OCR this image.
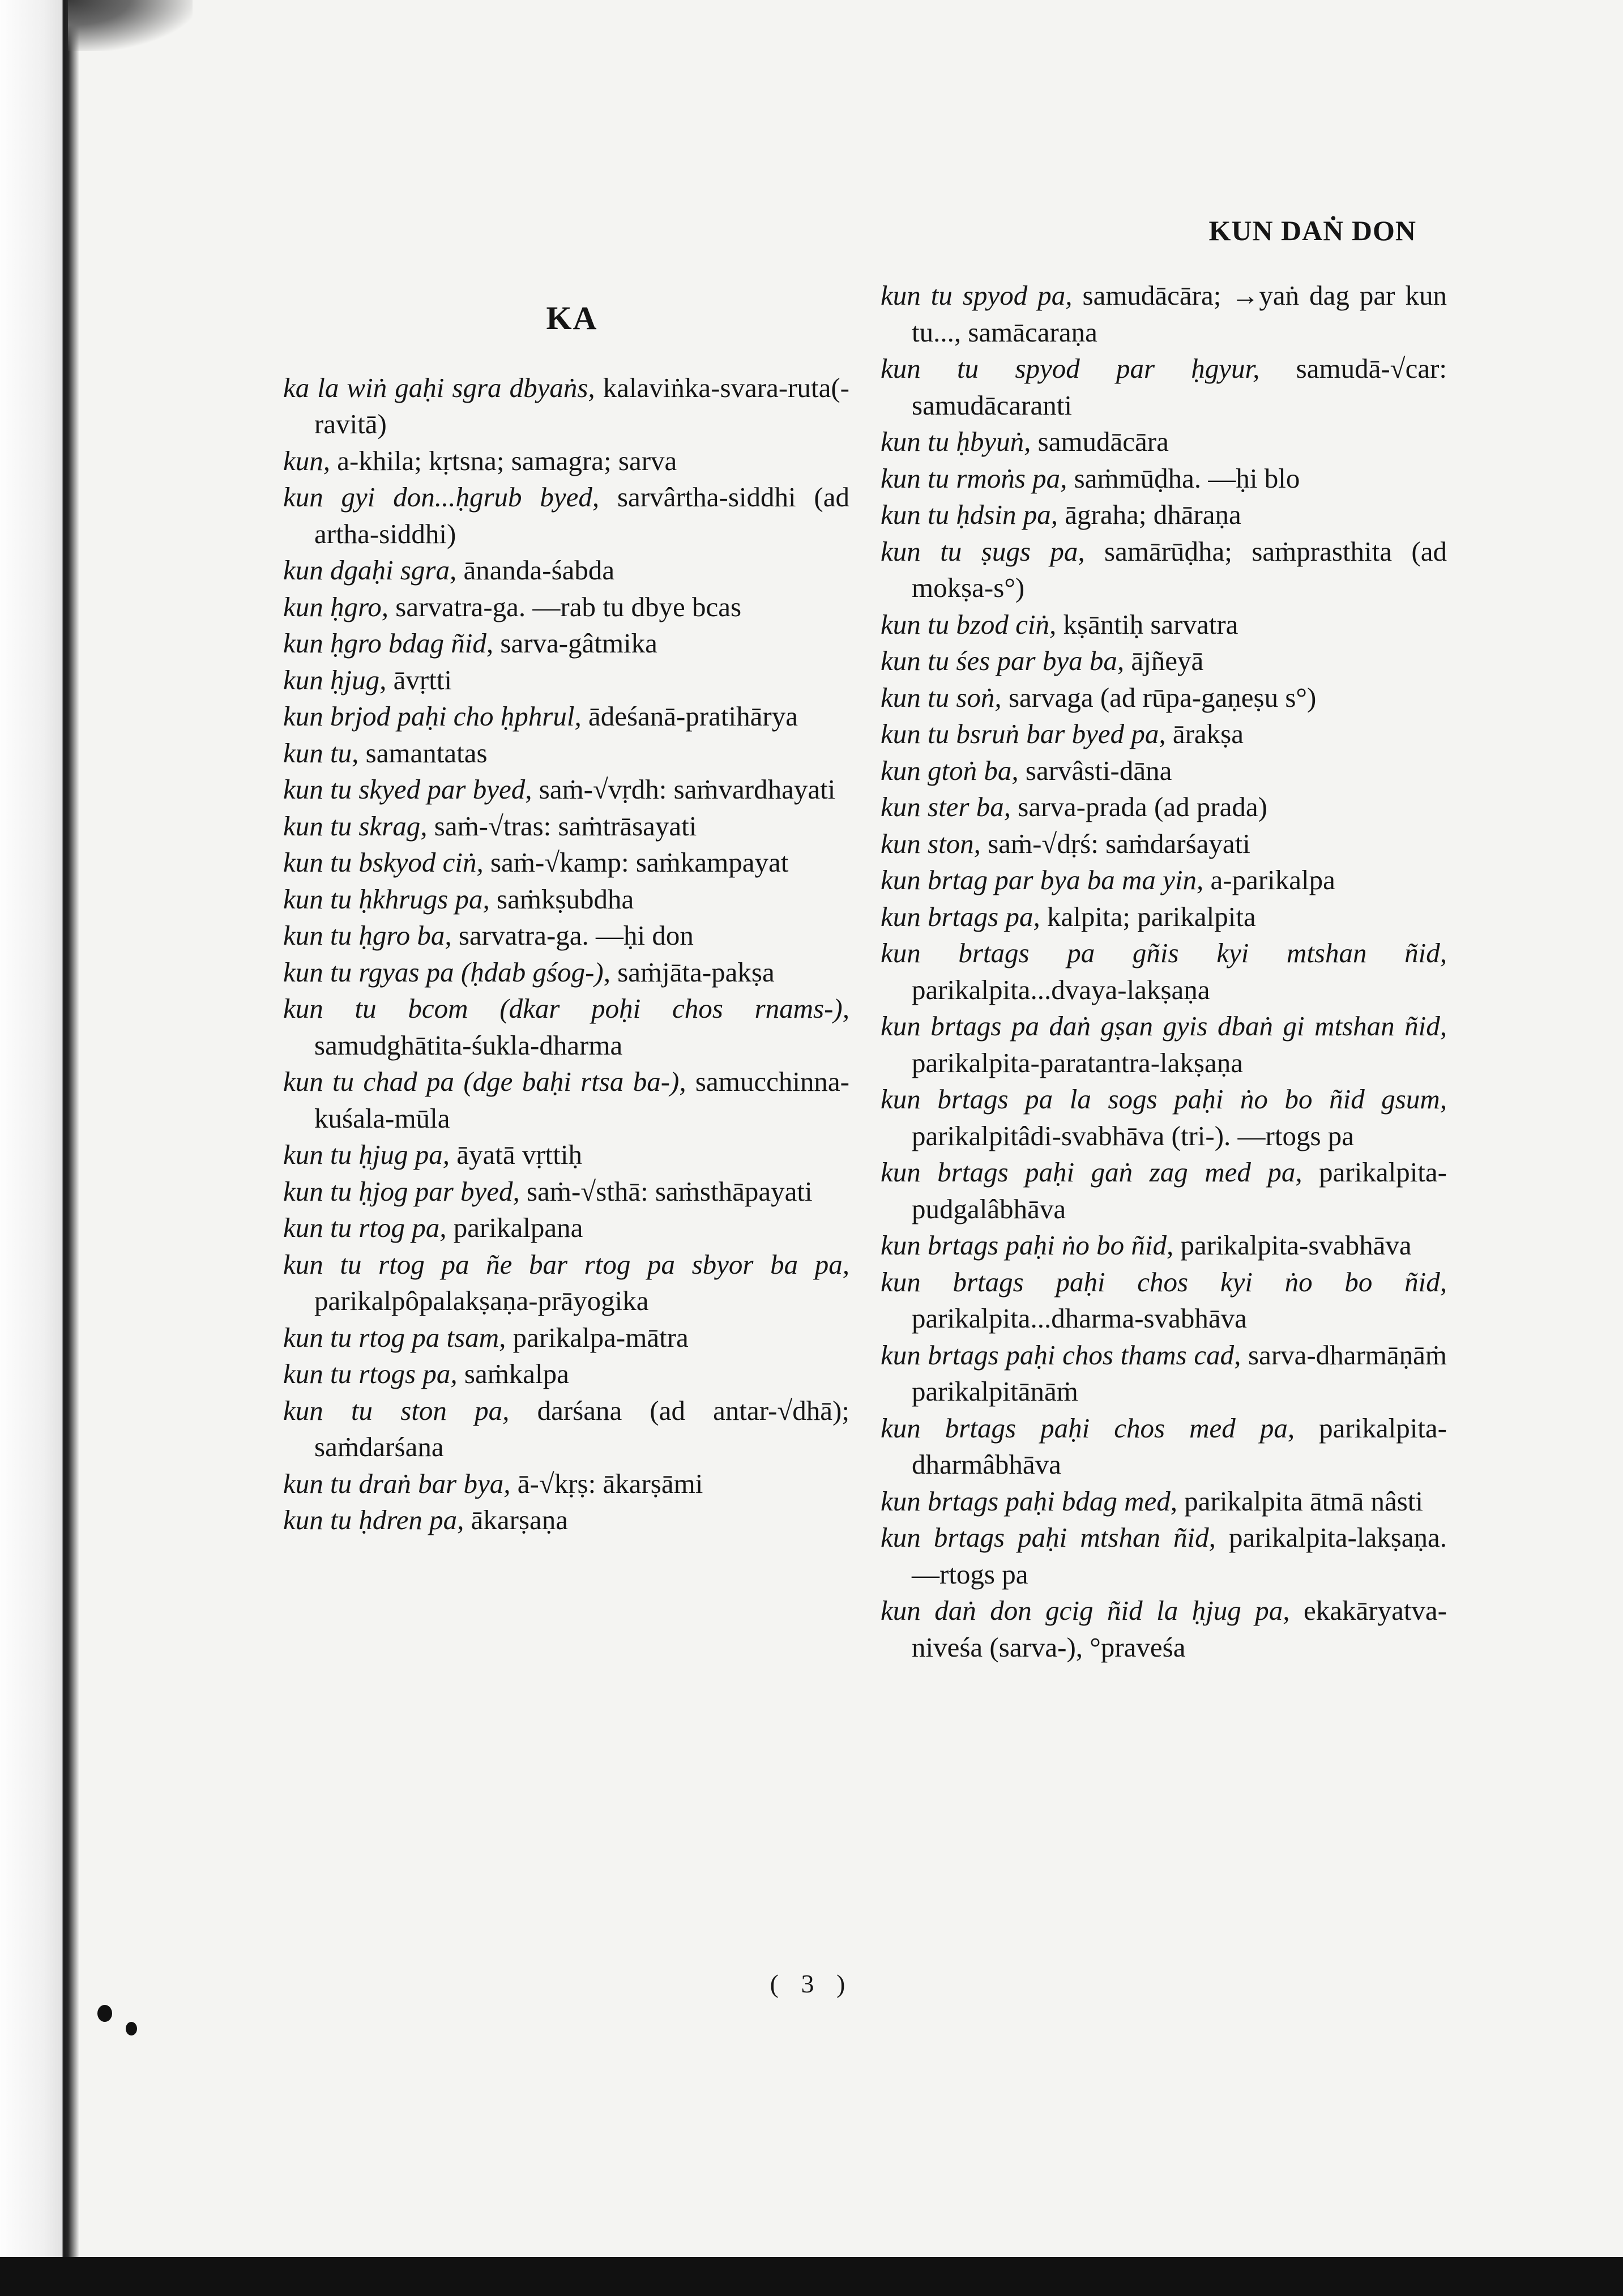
KUN DAṄ DON
KA
ka la wiṅ gaḥi sgra dbyaṅs, kalaviṅka-svara-ruta(-ravitā)
kun, a-khila; kṛtsna; samagra; sarva
kun gyi don...ḥgrub byed, sarvârtha-siddhi (ad artha-siddhi)
kun dgaḥi sgra, ānanda-śabda
kun ḥgro, sarvatra-ga. —rab tu dbye bcas
kun ḥgro bdag ñid, sarva-gâtmika
kun ḥjug, āvṛtti
kun brjod paḥi cho ḥphrul, ādeśanā-pratihārya
kun tu, samantatas
kun tu skyed par byed, saṁ-√vṛdh: saṁvardhayati
kun tu skrag, saṁ-√tras: saṁtrāsayati
kun tu bskyod ciṅ, saṁ-√kamp: saṁkampayat
kun tu ḥkhrugs pa, saṁkṣubdha
kun tu ḥgro ba, sarvatra-ga. —ḥi don
kun tu rgyas pa (ḥdab gśog-), saṁjāta-pakṣa
kun tu bcom (dkar poḥi chos rnams-), samudghātita-śukla-dharma
kun tu chad pa (dge baḥi rtsa ba-), samucchinna-kuśala-mūla
kun tu ḥjug pa, āyatā vṛttiḥ
kun tu ḥjog par byed, saṁ-√sthā: saṁsthāpayati
kun tu rtog pa, parikalpana
kun tu rtog pa ñe bar rtog pa sbyor ba pa, parikalpôpalakṣaṇa-prāyogika
kun tu rtog pa tsam, parikalpa-mātra
kun tu rtogs pa, saṁkalpa
kun tu ston pa, darśana (ad antar-√dhā); saṁdarśana
kun tu draṅ bar bya, ā-√kṛṣ: ākarṣāmi
kun tu ḥdren pa, ākarṣaṇa
kun tu spyod pa, samudācāra; →yaṅ dag par kun tu..., samācaraṇa
kun tu spyod par ḥgyur, samudā-√car: samudācaranti
kun tu ḥbyuṅ, samudācāra
kun tu rmoṅs pa, saṁmūḍha. —ḥi blo
kun tu ḥdsin pa, āgraha; dhāraṇa
kun tu ṣugs pa, samārūḍha; saṁprasthita (ad mokṣa-s°)
kun tu bzod ciṅ, kṣāntiḥ sarvatra
kun tu śes par bya ba, ājñeyā
kun tu soṅ, sarvaga (ad rūpa-gaṇeṣu s°)
kun tu bsruṅ bar byed pa, ārakṣa
kun gtoṅ ba, sarvâsti-dāna
kun ster ba, sarva-prada (ad prada)
kun ston, saṁ-√dṛś: saṁdarśayati
kun brtag par bya ba ma yin, a-parikalpa
kun brtags pa, kalpita; parikalpita
kun brtags pa gñis kyi mtshan ñid, parikalpita...dvaya-lakṣaṇa
kun brtags pa daṅ gṣan gyis dbaṅ gi mtshan ñid, parikalpita-paratantra-lakṣaṇa
kun brtags pa la sogs paḥi ṅo bo ñid gsum, parikalpitâdi-svabhāva (tri-). —rtogs pa
kun brtags paḥi gaṅ zag med pa, parikalpita-pudgalâbhāva
kun brtags paḥi ṅo bo ñid, parikalpita-svabhāva
kun brtags paḥi chos kyi ṅo bo ñid, parikalpita...dharma-svabhāva
kun brtags paḥi chos thams cad, sarva-dharmāṇāṁ parikalpitānāṁ
kun brtags paḥi chos med pa, parikalpita-dharmâbhāva
kun brtags paḥi bdag med, parikalpita ātmā nâsti
kun brtags paḥi mtshan ñid, parikalpita-lakṣaṇa. —rtogs pa
kun daṅ don gcig ñid la ḥjug pa, ekakāryatva-niveśa (sarva-), °praveśa
( 3 )
